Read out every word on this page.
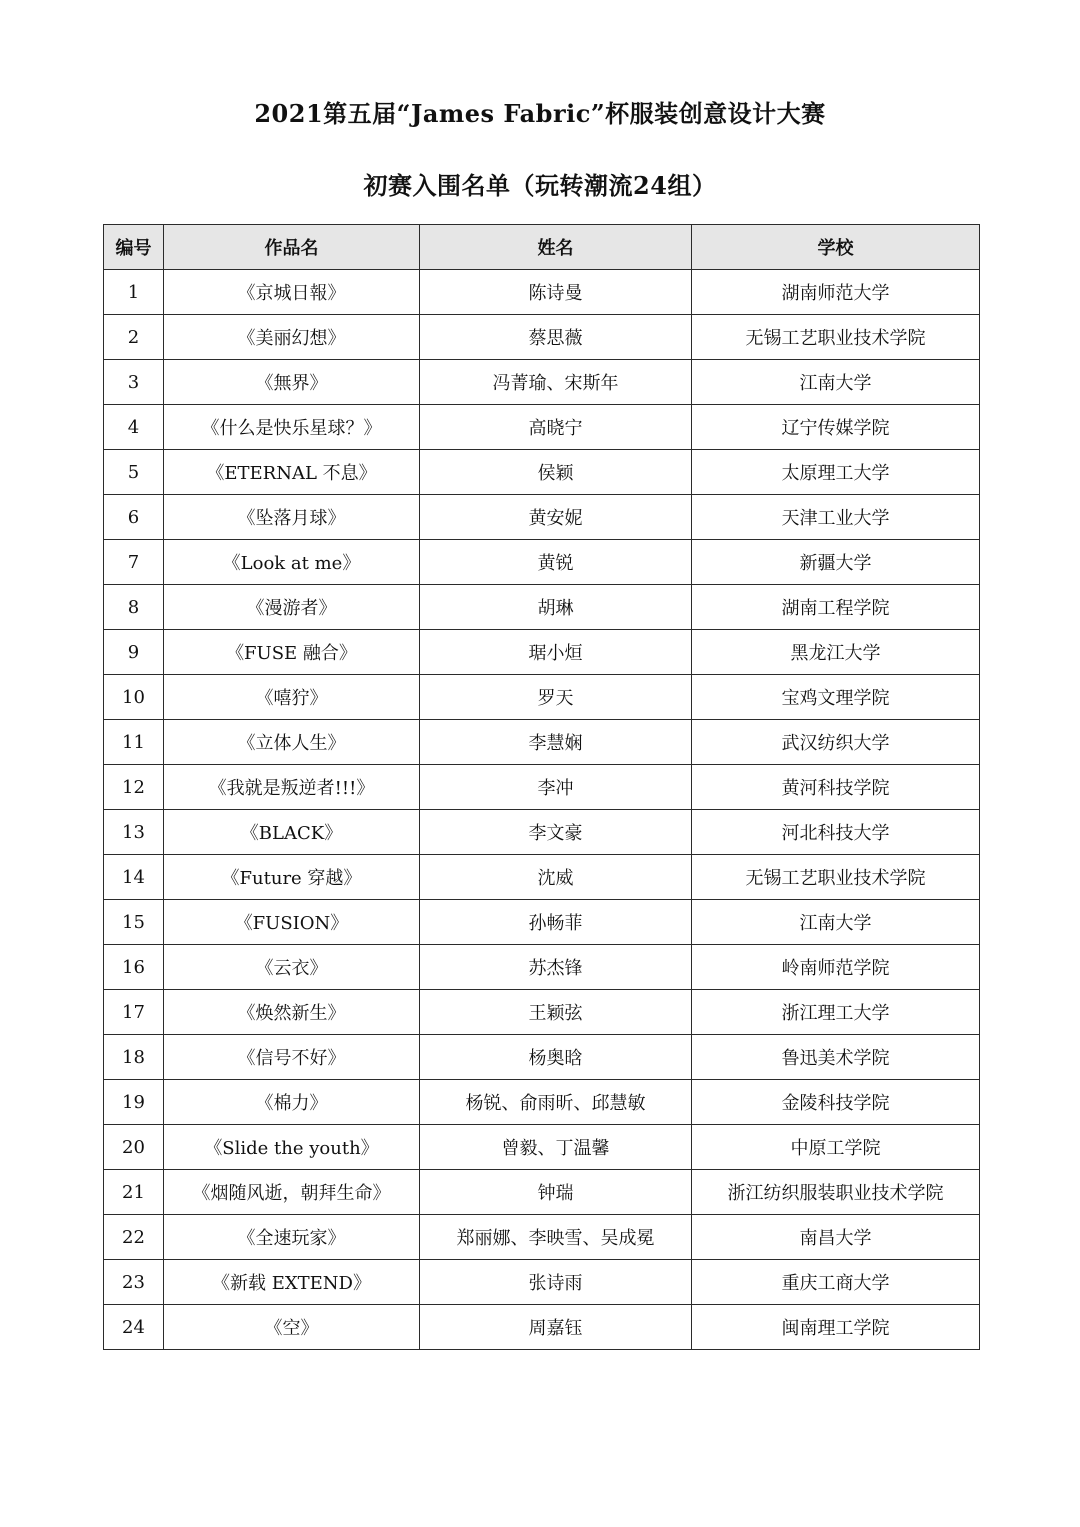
2021第五届“James Fabric”杯服装创意设计大赛
初赛入围名单（玩转潮流24组）
编号	作品名	姓名	学校
1	《京城日報》	陈诗曼	湖南师范大学
2	《美丽幻想》	蔡思薇	无锡工艺职业技术学院
3	《無界》	冯菁瑜、宋斯年	江南大学
4	《什么是快乐星球？》	高晓宁	辽宁传媒学院
5	《ETERNAL 不息》	侯颖	太原理工大学
6	《坠落月球》	黄安妮	天津工业大学
7	《Look at me》	黄锐	新疆大学
8	《漫游者》	胡琳	湖南工程学院
9	《FUSE 融合》	琚小烜	黑龙江大学
10	《嘻狞》	罗天	宝鸡文理学院
11	《立体人生》	李慧娴	武汉纺织大学
12	《我就是叛逆者!!!》	李冲	黄河科技学院
13	《BLACK》	李文豪	河北科技大学
14	《Future 穿越》	沈威	无锡工艺职业技术学院
15	《FUSION》	孙畅菲	江南大学
16	《云衣》	苏杰锋	岭南师范学院
17	《焕然新生》	王颖弦	浙江理工大学
18	《信号不好》	杨奥晗	鲁迅美术学院
19	《棉力》	杨锐、俞雨昕、邱慧敏	金陵科技学院
20	《Slide the youth》	曾毅、丁温馨	中原工学院
21	《烟随风逝，朝拜生命》	钟瑞	浙江纺织服装职业技术学院
22	《全速玩家》	郑丽娜、李映雪、吴成冕	南昌大学
23	《新载 EXTEND》	张诗雨	重庆工商大学
24	《空》	周嘉钰	闽南理工学院
